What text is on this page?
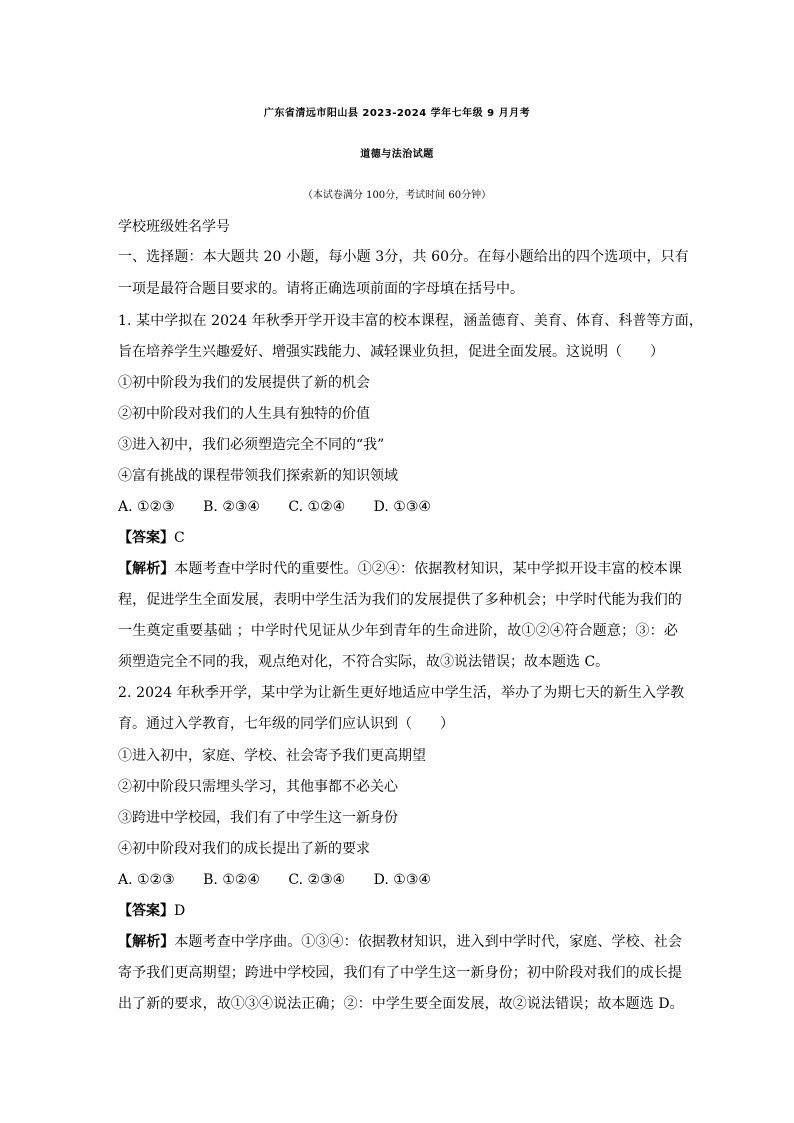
广东省清远市阳山县 2023-2024 学年七年级 9 月月考
道德与法治试题
（本试卷满分 100分，考试时间 60分钟）
学校班级姓名学号
一、选择题：本大题共 20 小题，每小题 3分，共 60分。在每小题给出的四个选项中，只有
一项是最符合题目要求的。请将正确选项前面的字母填在括号中。
1. 某中学拟在 2024 年秋季开学开设丰富的校本课程，涵盖德育、美育、体育、科普等方面，
旨在培养学生兴趣爱好、增强实践能力、减轻课业负担，促进全面发展。这说明（　　）
①初中阶段为我们的发展提供了新的机会
②初中阶段对我们的人生具有独特的价值
③进入初中，我们必须塑造完全不同的“我”
④富有挑战的课程带领我们探索新的知识领域
A. ①②③ B. ②③④ C. ①②④ D. ①③④
【答案】C
【解析】本题考查中学时代的重要性。①②④：依据教材知识，某中学拟开设丰富的校本课
程，促进学生全面发展，表明中学生活为我们的发展提供了多种机会；中学时代能为我们的
一生奠定重要基础 ；中学时代见证从少年到青年的生命进阶，故①②④符合题意；③：必
须塑造完全不同的我，观点绝对化，不符合实际，故③说法错误；故本题选 C。
2. 2024 年秋季开学，某中学为让新生更好地适应中学生活，举办了为期七天的新生入学教
育。通过入学教育，七年级的同学们应认识到（　　）
①进入初中，家庭、学校、社会寄予我们更高期望
②初中阶段只需埋头学习，其他事都不必关心
③跨进中学校园，我们有了中学生这一新身份
④初中阶段对我们的成长提出了新的要求
A. ①②③ B. ①②④ C. ②③④ D. ①③④
【答案】D
【解析】本题考查中学序曲。①③④：依据教材知识，进入到中学时代，家庭、学校、社会
寄予我们更高期望；跨进中学校园，我们有了中学生这一新身份；初中阶段对我们的成长提
出了新的要求，故①③④说法正确；②：中学生要全面发展，故②说法错误；故本题选 D。
